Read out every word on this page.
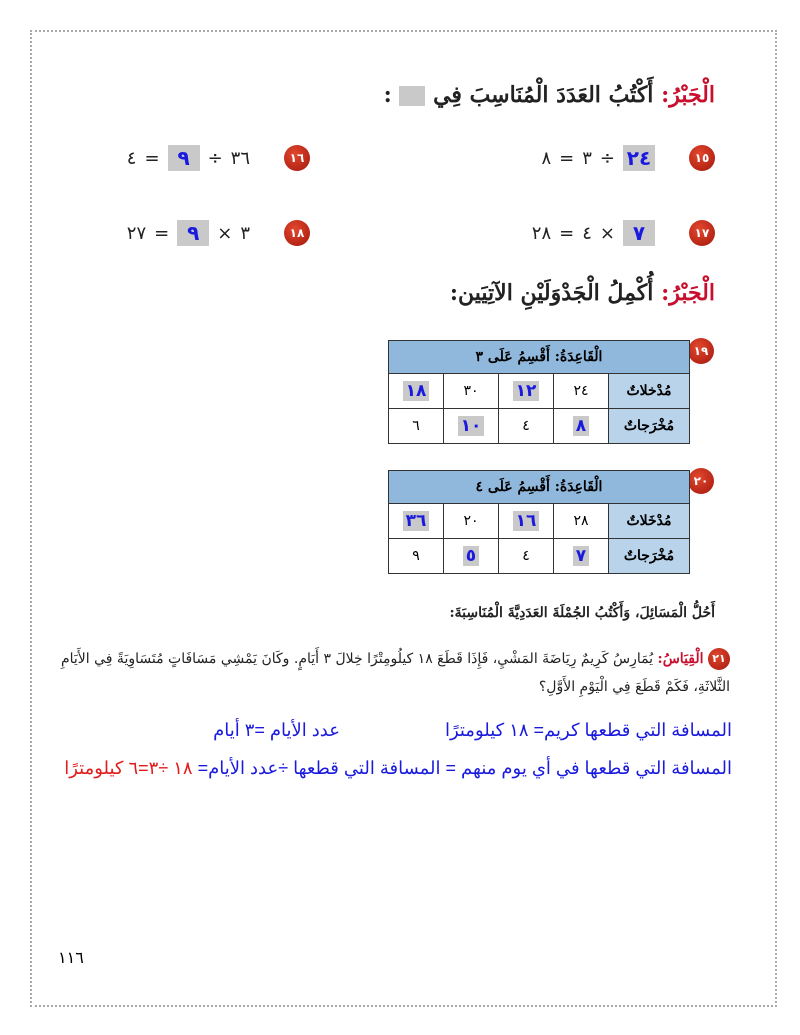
الْجَبْرُ: أَكْتُبُ العَدَدَ الْمُنَاسِبَ فِي  :
١٥
٢٤
÷
٣
=
٨
١٦
٣٦
÷
٩
=
٤
١٧
٧
×
٤
=
٢٨
١٨
٣
×
٩
=
٢٧
الْجَبْرُ: أُكْمِلُ الْجَدْوَلَيْنِ الآتِيَين:
١٩
الْقَاعِدَةُ: أَقْسِمُ عَلَى ٣				
مُدْخلاتٌ	٢٤	١٢	٣٠	١٨
مُخْرَجاتٌ	٨	٤	١٠	٦
٢٠
الْقَاعِدَةُ: أَقْسِمُ عَلَى ٤				
مُدْخَلاتٌ	٢٨	١٦	٢٠	٣٦
مُخْرَجاتٌ	٧	٤	٥	٩
أَحُلُّ الْمَسَائِلَ، وَأَكْتُبُ الجُمْلَةَ العَدَدِيَّةَ الْمُنَاسِبَةَ:
٢١ الْقِيَاسُ: يُمَارِسُ كَرِيمٌ رِيَاضَةَ المَشْيِ، فَإِذَا قَطَعَ ١٨ كيلُومِتْرًا خِلالَ ٣ أَيَامٍ. وكَانَ يَمْشِي مَسَافَاتٍ مُتَسَاوِيَةً فِي الأَيَامِ الثَّلاثَةِ، فَكَمْ قَطَعَ فِي الْيَوْمِ الأَوَّلِ؟
المسافة التي قطعها كريم= ١٨ كيلومترًا
عدد الأيام =٣ أيام
المسافة التي قطعها في أي يوم منهم = المسافة التي قطعها ÷عدد الأيام= ١٨ ÷٣=٦ كيلومترًا
١١٦
